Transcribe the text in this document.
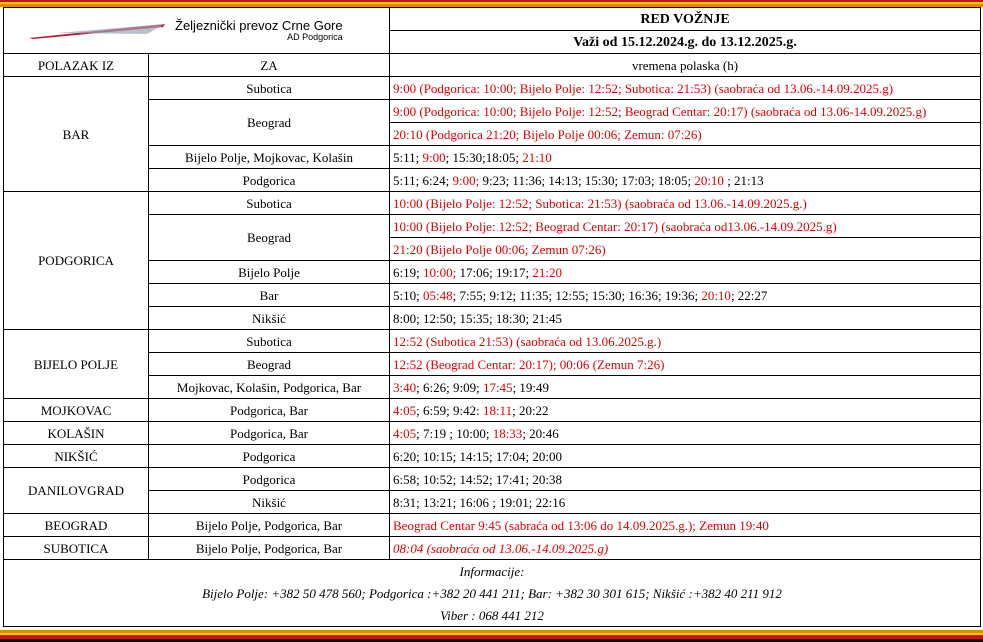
Željeznički prevoz Crne Gore
AD Podgorica		RED VOŽNJE
		Važi od 15.12.2024.g. do 13.12.2025.g.
POLAZAK IZ	ZA	vremena polaska (h)
BAR	Subotica	9:00 (Podgorica: 10:00; Bijelo Polje: 12:52; Subotica: 21:53) (saobraća od 13.06.-14.09.2025.g)
	Beograd	9:00 (Podgorica: 10:00; Bijelo Polje: 12:52; Beograd Centar: 20:17) (saobraća od 13.06-14.09.2025.g)
		20:10 (Podgorica 21:20; Bijelo Polje 00:06; Zemun: 07:26)
	Bijelo Polje, Mojkovac, Kolašin	5:11; 9:00; 15:30;18:05; 21:10
	Podgorica	5:11; 6:24; 9:00; 9:23; 11:36; 14:13; 15:30; 17:03; 18:05; 20:10 ; 21:13
PODGORICA	Subotica	10:00 (Bijelo Polje: 12:52; Subotica: 21:53) (saobraća od 13.06.-14.09.2025.g.)
	Beograd	10:00 (Bijelo Polje: 12:52; Beograd Centar: 20:17) (saobraća od13.06.-14.09.2025.g)
		21:20 (Bijelo Polje 00:06; Zemun 07:26)
	Bijelo Polje	6:19; 10:00; 17:06; 19:17; 21:20
	Bar	5:10; 05:48; 7:55; 9:12; 11:35; 12:55; 15:30; 16:36; 19:36; 20:10; 22:27
	Nikšić	8:00; 12:50; 15:35; 18:30; 21:45
BIJELO POLJE	Subotica	12:52 (Subotica 21:53) (saobraća od 13.06.2025.g.)
	Beograd	12:52 (Beograd Centar: 20:17); 00:06 (Zemun 7:26)
	Mojkovac, Kolašin, Podgorica, Bar	3:40; 6:26; 9:09; 17:45; 19:49
MOJKOVAC	Podgorica, Bar	4:05; 6:59; 9:42: 18:11; 20:22
KOLAŠIN	Podgorica, Bar	4:05; 7:19 ; 10:00; 18:33; 20:46
NIKŠIĆ	Podgorica	6:20; 10:15; 14:15; 17:04; 20:00
DANILOVGRAD	Podgorica	6:58; 10:52; 14:52; 17:41; 20:38
	Nikšić	8:31; 13:21; 16:06 ; 19:01; 22:16
BEOGRAD	Bijelo Polje, Podgorica, Bar	Beograd Centar 9:45 (sabraća od 13:06 do 14.09.2025.g.); Zemun 19:40
SUBOTICA	Bijelo Polje, Podgorica, Bar	08:04 (saobraća od 13.06.-14.09.2025.g)
Informacije:		
Bijelo Polje: +382 50 478 560; Podgorica :+382 20 441 211; Bar: +382 30 301 615; Nikšić :+382 40 211 912		
Viber : 068 441 212		
